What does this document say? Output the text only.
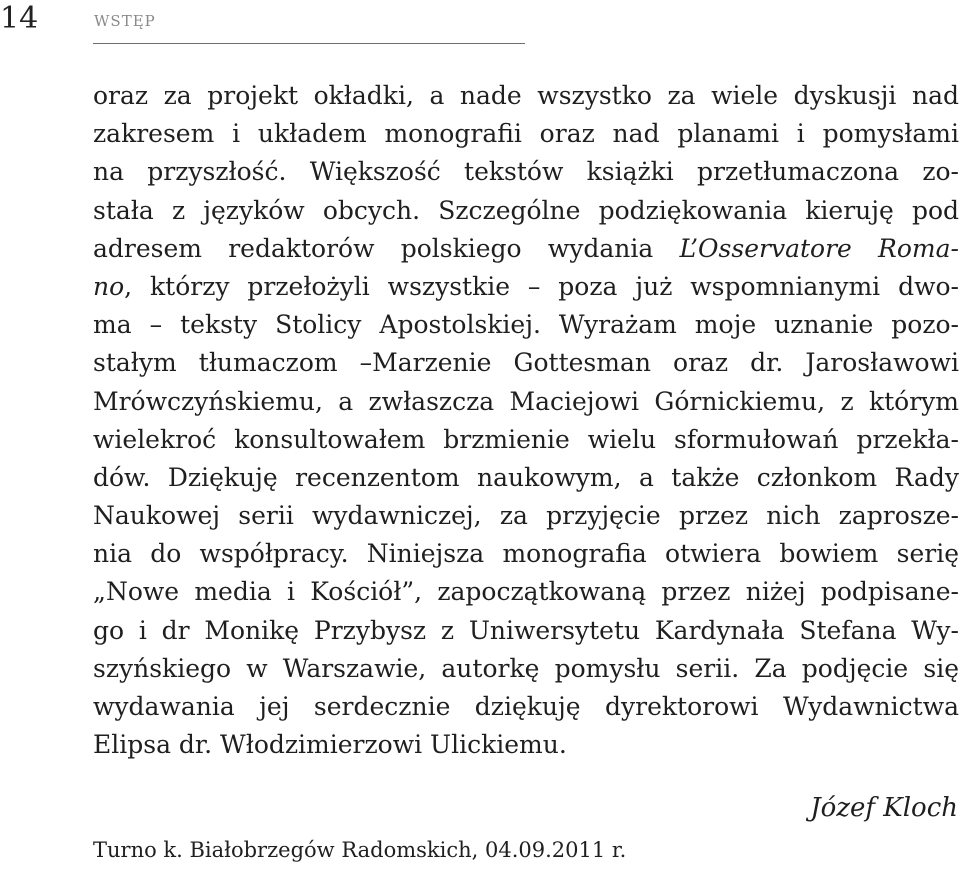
14	WSTĘP
oraz za projekt okładki, a nade wszystko za wiele dyskusji nad
zakresem i układem monografii oraz nad planami i pomysłami
na przyszłość. Większość tekstów książki przetłumaczona zo-
stała z języków obcych. Szczególne podziękowania kieruję pod
adresem redaktorów polskiego wydania L’Osservatore Roma-
no, którzy przełożyli wszystkie – poza już wspomnianymi dwo-
ma – teksty Stolicy Apostolskiej. Wyrażam moje uznanie pozo-
stałym tłumaczom –Marzenie Gottesman oraz dr. Jarosławowi
Mrówczyńskiemu, a zwłaszcza Maciejowi Górnickiemu, z którym
wielekroć konsultowałem brzmienie wielu sformułowań przekła-
dów. Dziękuję recenzentom naukowym, a także członkom Rady
Naukowej serii wydawniczej, za przyjęcie przez nich zaprosze-
nia do współpracy. Niniejsza monografia otwiera bowiem serię
„Nowe media i Kościół”, zapoczątkowaną przez niżej podpisane-
go i dr Monikę Przybysz z Uniwersytetu Kardynała Stefana Wy-
szyńskiego w Warszawie, autorkę pomysłu serii. Za podjęcie się
wydawania jej serdecznie dziękuję dyrektorowi Wydawnictwa
Elipsa dr. Włodzimierzowi Ulickiemu.
Józef Kloch
Turno k. Białobrzegów Radomskich, 04.09.2011 r.
